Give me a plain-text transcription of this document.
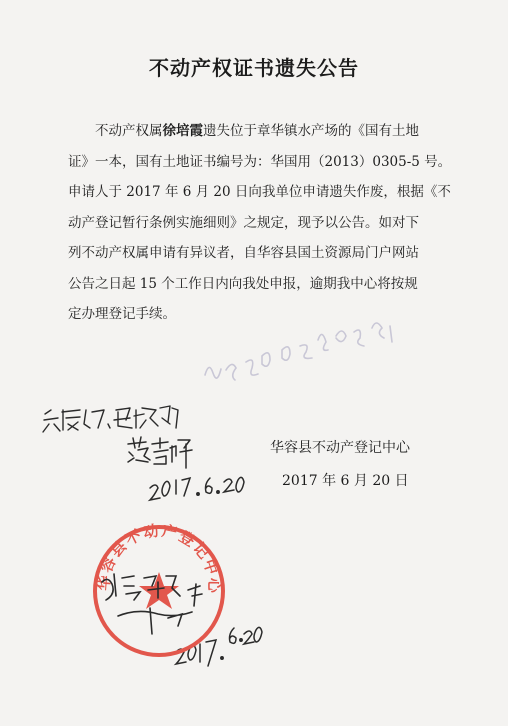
不动产权证书遗失公告
不动产权属徐培霞遗失位于章华镇水产场的《国有土地
证》一本，国有土地证书编号为：华国用（2013）0305-5 号。
申请人于 2017 年 6 月 20 日向我单位申请遗失作废，根据《不
动产登记暂行条例实施细则》之规定，现予以公告。如对下
列不动产权属申请有异议者，自华容县国土资源局门户网站
公告之日起 15 个工作日内向我处申报，逾期我中心将按规
定办理登记手续。
华容县不动产登记中心
2017 年 6 月 20 日
华容县不动产登记中心
